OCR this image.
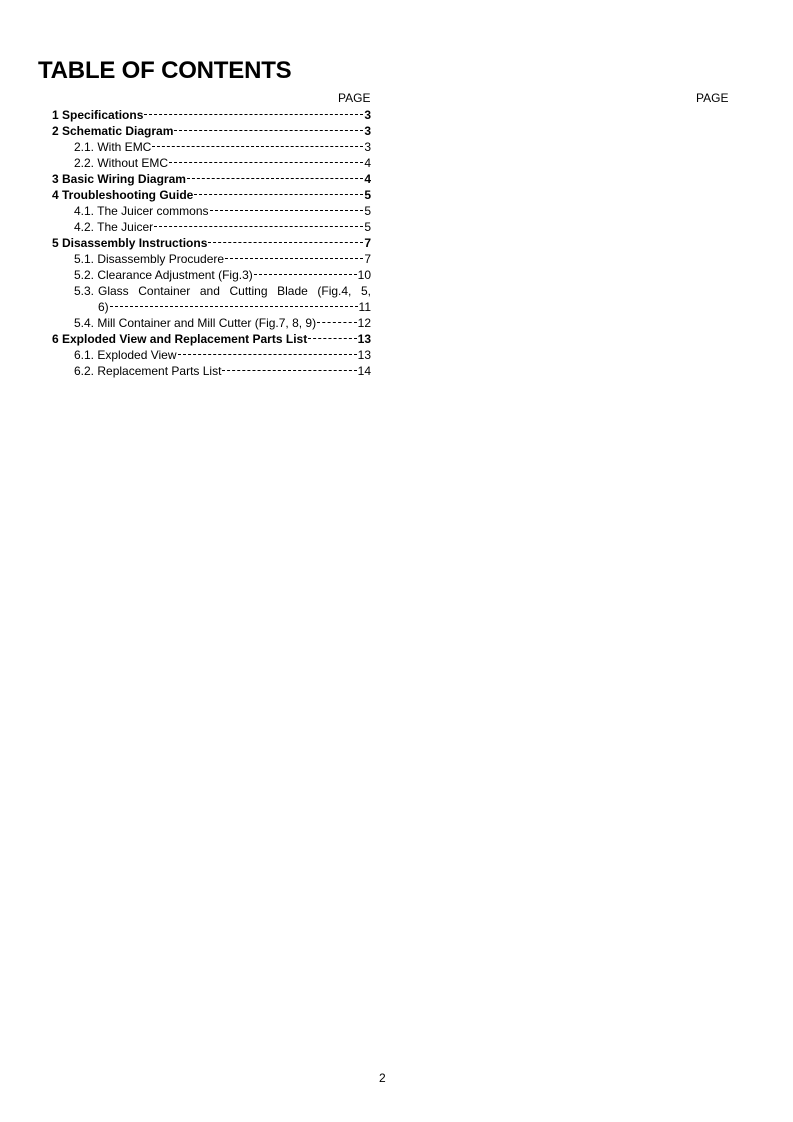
TABLE OF CONTENTS
PAGE	PAGE
1 Specifications	3
2 Schematic Diagram	3
2.1. With EMC	3
2.2. Without EMC	4
3 Basic Wiring Diagram	4
4 Troubleshooting Guide	5
4.1. The Juicer commons	5
4.2. The Juicer	5
5 Disassembly Instructions	7
5.1. Disassembly Procudere	7
5.2. Clearance Adjustment (Fig.3)	10
5.3. Glass Container and Cutting Blade (Fig.4, 5,
6)	11
5.4. Mill Container and Mill Cutter (Fig.7, 8, 9)	12
6 Exploded View and Replacement Parts List	13
6.1. Exploded View	13
6.2. Replacement Parts List	14
2
